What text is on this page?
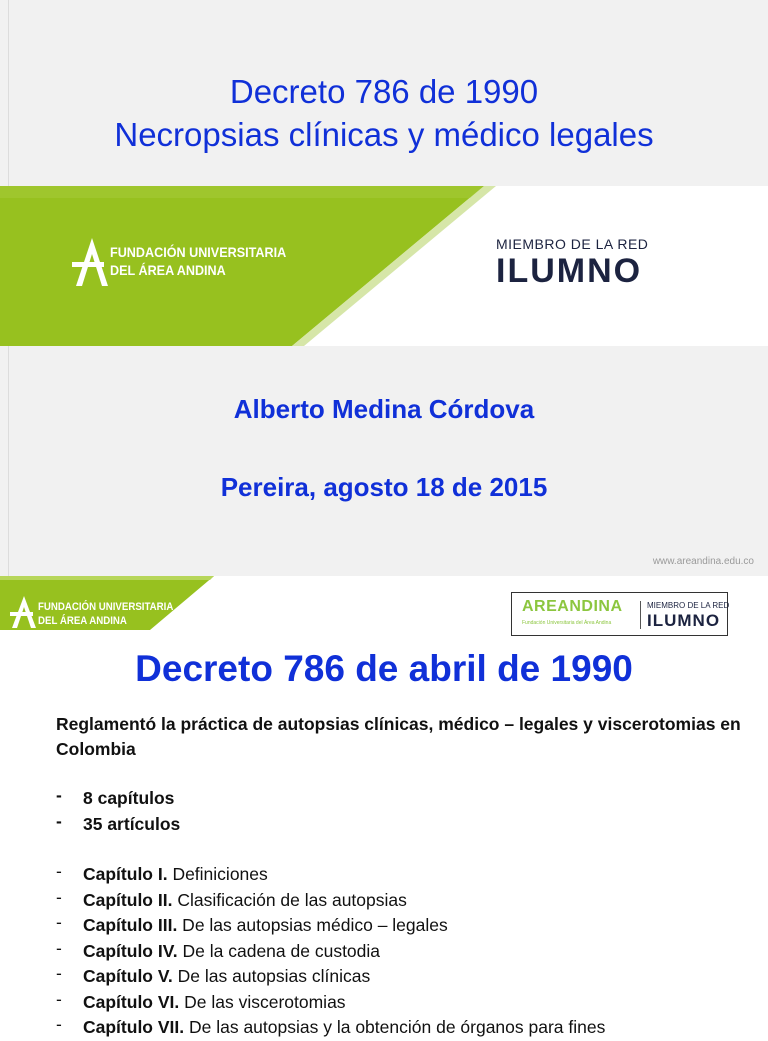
Decreto 786 de 1990
Necropsias clínicas y médico legales
FUNDACIÓN UNIVERSITARIA
DEL ÁREA ANDINA
MIEMBRO DE LA RED
ILUMNO
Alberto Medina Córdova
Pereira, agosto 18 de 2015
www.areandina.edu.co
FUNDACIÓN UNIVERSITARIA
DEL ÁREA ANDINA
AREANDINA
Fundación Universitaria del Área Andina
MIEMBRO DE LA RED
ILUMNO
Decreto 786 de abril de 1990
Reglamentó la práctica de autopsias clínicas, médico – legales y viscerotomias en Colombia
- 8 capítulos
- 35 artículos
- Capítulo I. Definiciones
- Capítulo II. Clasificación de las autopsias
- Capítulo III. De las autopsias médico – legales
- Capítulo IV. De la cadena de custodia
- Capítulo V. De las autopsias clínicas
- Capítulo VI. De las viscerotomias
- Capítulo VII. De las autopsias y la obtención de órganos para fines
